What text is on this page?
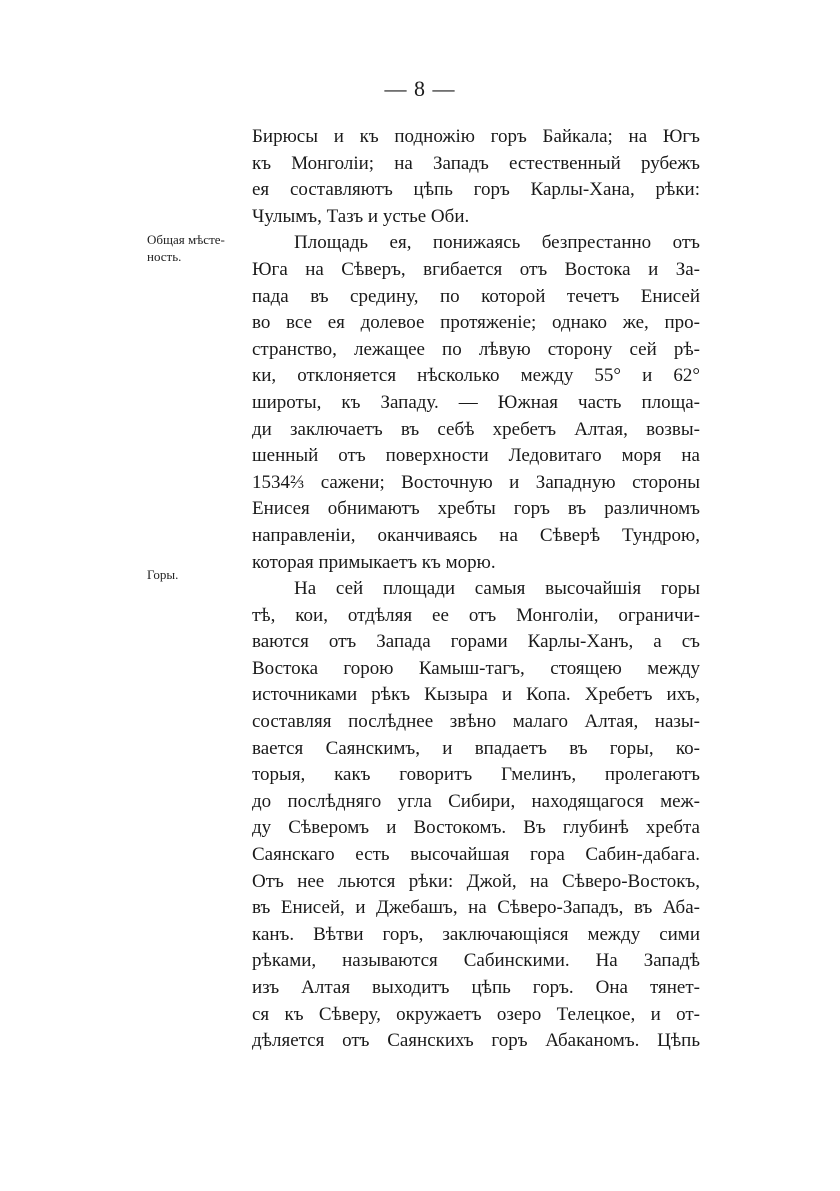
— 8 —
Общая мѣсте-
ность.
Горы.
Бирюсы и къ подножію горъ Байкала; на Югъ
къ Монголіи; на Западъ естественный рубежъ
ея составляютъ цѣпь горъ Карлы-Хана, рѣки:
Чулымъ, Тазъ и устье Оби.
Площадь ея, понижаясь безпрестанно отъ
Юга на Сѣверъ, вгибается отъ Востока и За-
пада въ средину, по которой течетъ Енисей
во все ея долевое протяженіе; однако же, про-
странство, лежащее по лѣвую сторону сей рѣ-
ки, отклоняется нѣсколько между 55° и 62°
широты, къ Западу. — Южная часть площа-
ди заключаетъ въ себѣ хребетъ Алтая, возвы-
шенный отъ поверхности Ледовитаго моря на
1534⅔ сажени; Восточную и Западную стороны
Енисея обнимаютъ хребты горъ въ различномъ
направленіи, оканчиваясь на Сѣверѣ Тундрою,
которая примыкаетъ къ морю.
На сей площади самыя высочайшія горы
тѣ, кои, отдѣляя ее отъ Монголіи, ограничи-
ваются отъ Запада горами Карлы-Ханъ, а съ
Востока горою Камыш-тагъ, стоящею между
источниками рѣкъ Кызыра и Копа. Хребетъ ихъ,
составляя послѣднее звѣно малаго Алтая, назы-
вается Саянскимъ, и впадаетъ въ горы, ко-
торыя, какъ говоритъ Гмелинъ, пролегаютъ
до послѣдняго угла Сибири, находящагося меж-
ду Сѣверомъ и Востокомъ. Въ глубинѣ хребта
Саянскаго есть высочайшая гора Сабин-дабага.
Отъ нее льются рѣки: Джой, на Сѣверо-Востокъ,
въ Енисей, и Джебашъ, на Сѣверо-Западъ, въ Аба-
канъ. Вѣтви горъ, заключающіяся между сими
рѣками, называются Сабинскими. На Западѣ
изъ Алтая выходитъ цѣпь горъ. Она тянет-
ся къ Сѣверу, окружаетъ озеро Телецкое, и от-
дѣляется отъ Саянскихъ горъ Абаканомъ. Цѣпь
